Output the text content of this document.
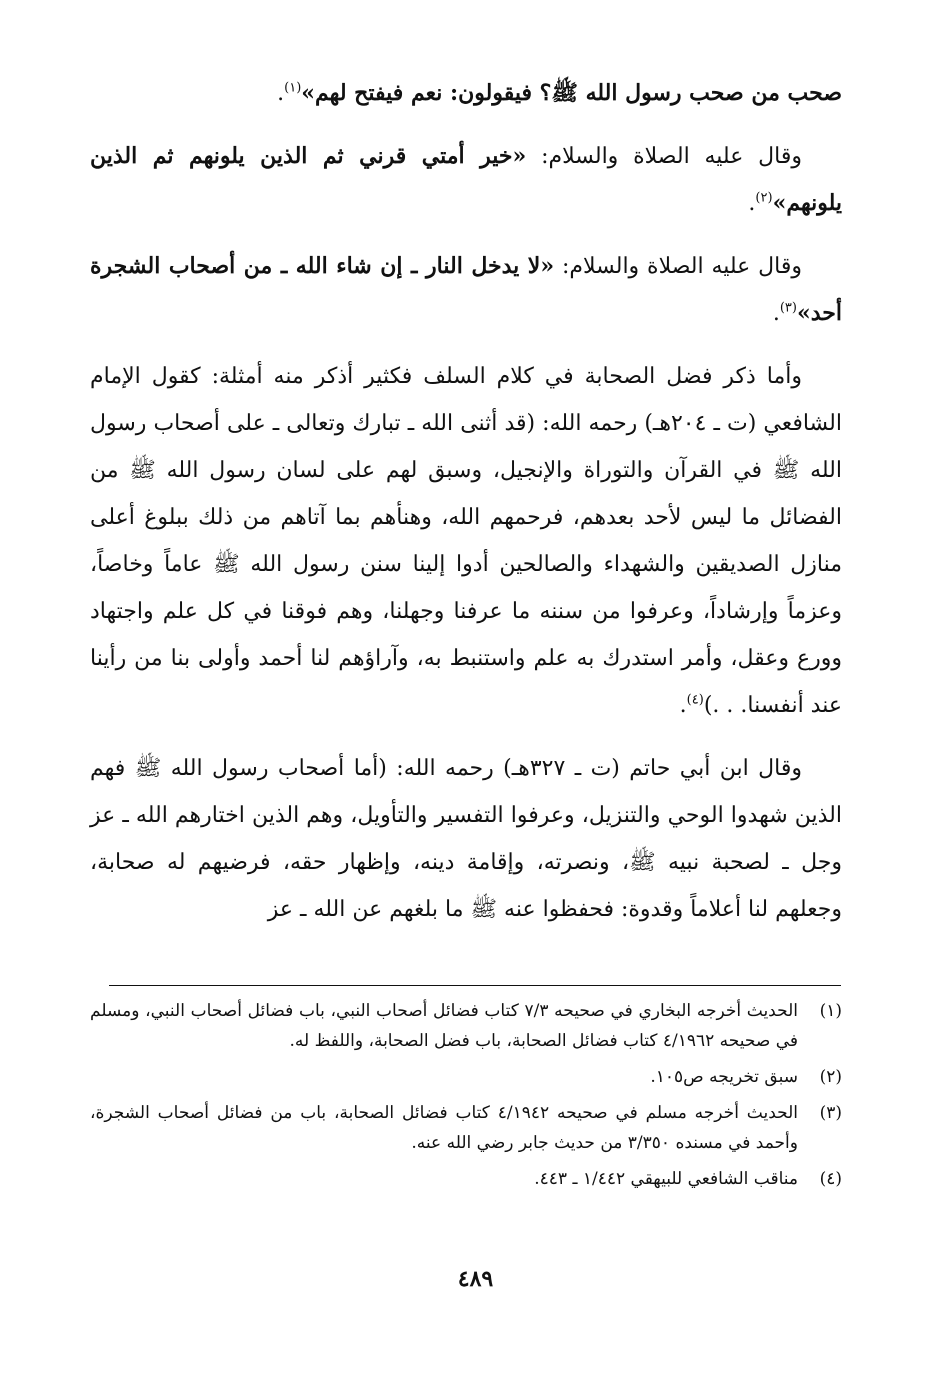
صحب من صحب رسول الله ﷺ؟ فيقولون: نعم فيفتح لهم»$^{(١)}$.

وقال عليه الصلاة والسلام: «خير أمتي قرني ثم الذين يلونهم ثم الذين يلونهم»$^{(٢)}$.

وقال عليه الصلاة والسلام: «لا يدخل النار ـ إن شاء الله ـ من أصحاب الشجرة أحد»$^{(٣)}$.

وأما ذكر فضل الصحابة في كلام السلف فكثير أذكر منه أمثلة: كقول الإمام الشافعي (ت ـ ٢٠٤هـ) رحمه الله: (قد أثنى الله ـ تبارك وتعالى ـ على أصحاب رسول الله ﷺ في القرآن والتوراة والإنجيل، وسبق لهم على لسان رسول الله ﷺ من الفضائل ما ليس لأحد بعدهم، فرحمهم الله، وهنأهم بما آتاهم من ذلك ببلوغ أعلى منازل الصديقين والشهداء والصالحين أدوا إلينا سنن رسول الله ﷺ عاماً وخاصاً، وعزماً وإرشاداً، وعرفوا من سننه ما عرفنا وجهلنا، وهم فوقنا في كل علم واجتهاد وورع وعقل، وأمر استدرك به علم واستنبط به، وآراؤهم لنا أحمد وأولى بنا من رأينا عند أنفسنا. . .)$^{(٤)}$.

وقال ابن أبي حاتم (ت ـ ٣٢٧هـ) رحمه الله: (أما أصحاب رسول الله ﷺ فهم الذين شهدوا الوحي والتنزيل، وعرفوا التفسير والتأويل، وهم الذين اختارهم الله ـ عز وجل ـ لصحبة نبيه ﷺ، ونصرته، وإقامة دينه، وإظهار حقه، فرضيهم له صحابة، وجعلهم لنا أعلاماً وقدوة: فحفظوا عنه ﷺ ما بلغهم عن الله ـ عز

(١)
الحديث أخرجه البخاري في صحيحه ٧/٣ كتاب فضائل أصحاب النبي، باب فضائل أصحاب النبي، ومسلم في صحيحه ٤/١٩٦٢ كتاب فضائل الصحابة، باب فضل الصحابة، واللفظ له.
(٢)
سبق تخريجه ص١٠٥.
(٣)
الحديث أخرجه مسلم في صحيحه ٤/١٩٤٢ كتاب فضائل الصحابة، باب من فضائل أصحاب الشجرة، وأحمد في مسنده ٣/٣٥٠ من حديث جابر رضي الله عنه.
(٤)
مناقب الشافعي للبيهقي ١/٤٤٢ ـ ٤٤٣.
٤٨٩
